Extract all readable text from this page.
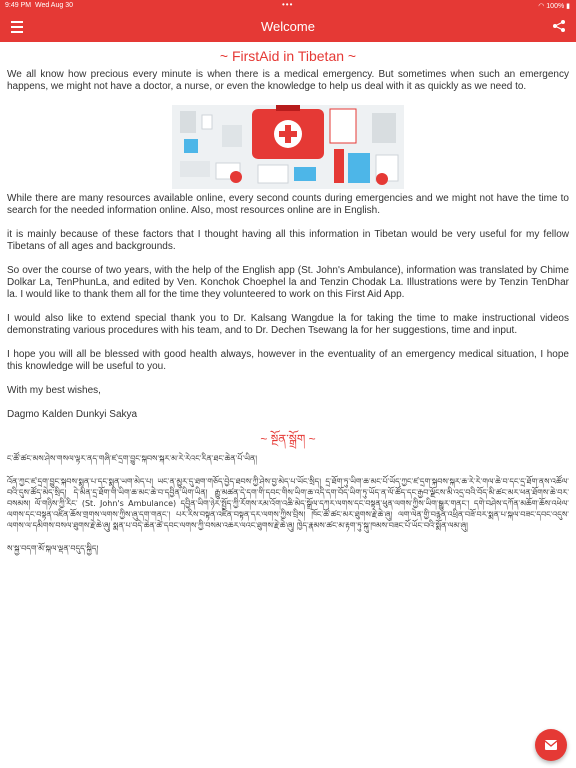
9:49 PM Wed Aug 30	•••	◠ 100% ▮
Welcome
~ FirstAid in Tibetan ~

We all know how precious every minute is when there is a medical emergency. But sometimes when such an emergency happens, we might not have a doctor, a nurse, or even the knowledge to help us deal with it as quickly as we need to.

While there are many resources available online, every second counts during emergencies and we might not have the time to search for the needed information online. Also, most resources online are in English.

it is mainly because of these factors that I thought having all this information in Tibetan would be very useful for my fellow Tibetans of all ages and backgrounds.

So over the course of two years, with the help of the English app (St. John's Ambulance), information was translated by Chime Dolkar La, TenPhunLa, and edited by Ven. Konchok Choephel la and Tenzin Chodak La. Illustrations were by Tenzin TenDhar la. I would like to thank them all for the time they volunteered to work on this First Aid App.

I would also like to extend special thank you to Dr. Kalsang Wangdue la for taking the time to make instructional videos demonstrating various procedures with his team, and to Dr. Dechen Tsewang la for her suggestions, time and input.

I hope you will all be blessed with good health always, however in the eventuality of an emergency medical situation, I hope this knowledge will be useful to you.

With my best wishes,

Dagmo Kalden Dunkyi Sakya

~ སྔོན་སྒྲོག ~

ང་ཚོ་ཚང་མས་ཤེས་གསལ་ལྟར་ནད་གཞི་ཛ་དྲག་བྱུང་སྐབས་སྐར་མ་རེ་རེའང་རིན་ཐང་ཆེན་པོ་ཡིན།

འོན་ཀྱང་ཛ་དྲག་བྱུང་སྐབས་སྨན་པ་དང་སྨན་ཡག་མེད་པ། ཡང་ན་མྱུར་དུ་ཐག་གཅོད་བྱེད་ཐབས་ཀྱི་ཤེས་བྱ་མེད་པ་ཡོང་སྲིད། དྲ་ཐོག་ཏུ་ཡིག་ཆ་མང་པོ་ཡོད་ཀྱང་ཛ་དྲག་སྐབས་སྐར་ཆ་རེ་རེ་གལ་ཆེ་བ་དང་དྲ་ཐོག་ནས་འཚོལ་བའི་དུས་ཚོད་མེད་སྲིད། དེ་མིན་དྲ་ཐོག་གི་ཡིག་ཆ་མང་ཆེ་བ་དབྱིན་ཡིག་ཡིན། རྒྱུ་མཚན་དེ་དག་གི་དབང་གིས་ཡིག་ཆ་འདི་དག་བོད་ཡིག་ཏུ་ཡོད་ན་ལོ་ཚོད་དང་རྒྱབ་ལྗོངས་མི་འདྲ་བའི་བོད་མི་ཚང་མར་ཕན་ཐོགས་ཆེ་བར་བསམས། ལོ་གཉིས་ཀྱི་རིང་ (St. John's Ambulance) དབྱིན་ཡིག་ཉེར་སྤྱོད་ཀྱི་རོགས་རམ་འོག་འཆི་མེད་སྒྲོལ་དཀར་ལགས་དང་བསྟན་ཕུན་ལགས་ཀྱིས་ཡིག་སྒྱུར་གནང་། དགེ་བཤེས་དཀོན་མཆོག་ཆོས་འཕེལ་ལགས་དང་བསྟན་འཛིན་ཆོས་གྲགས་ལགས་ཀྱིས་ཞུ་དག་གནང་། པར་རིས་བསྟན་འཛིན་བསྟན་དར་ལགས་ཀྱིས་བྲིས། ཁོང་ཚོ་ཚང་མར་ཐུགས་རྗེ་ཆེ་ཞུ། ལག་ལེན་གྱི་བརྙན་འཕྲིན་བཟོ་བར་སྨན་པ་སྐལ་བཟང་དབང་འདུས་ལགས་ལ་དམིགས་བསལ་ཐུགས་རྗེ་ཆེ་ཞུ། སྨན་པ་བདེ་ཆེན་ཚེ་དབང་ལགས་ཀྱི་བསམ་འཆར་ལའང་ཐུགས་རྗེ་ཆེ་ཞུ། ཁྱེད་རྣམས་ཚང་མ་རྟག་ཏུ་སྐུ་ཁམས་བཟང་པོ་ཡོང་བའི་སྨོན་ལམ་ཞུ།

ས་སྐྱ་བདག་མོ་སྐལ་ལྡན་བདུད་སྐྱིད།
